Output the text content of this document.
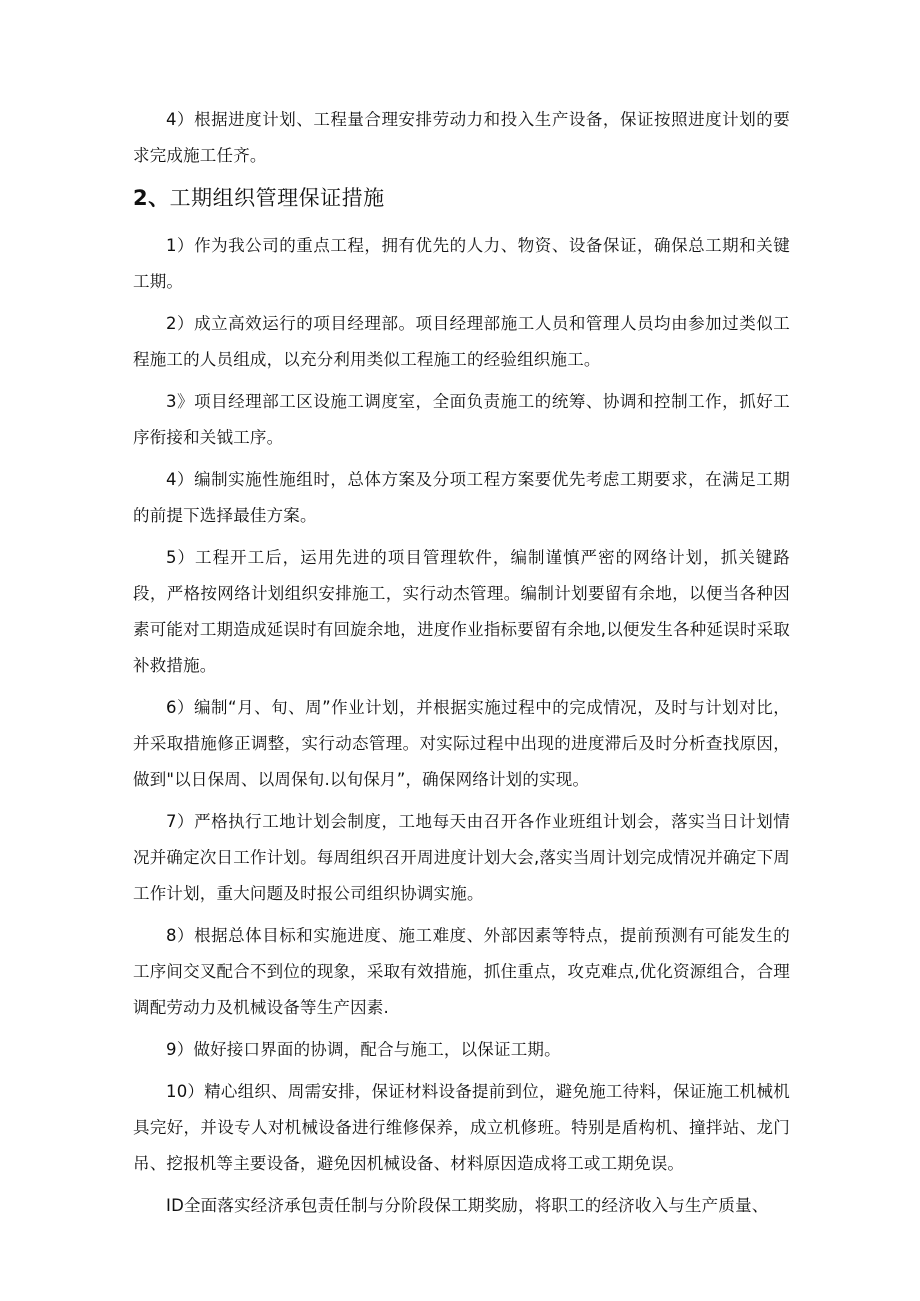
4）根据进度计划、工程量合理安排劳动力和投入生产设备，保证按照进度计划的要求完成施工任齐。

2、工期组织管理保证措施

1）作为我公司的重点工程，拥有优先的人力、物资、设备保证，确保总工期和关键工期。

2）成立高效运行的项目经理部。项目经理部施工人员和管理人员均由参加过类似工程施工的人员组成，以充分利用类似工程施工的经验组织施工。

3》项目经理部工区设施工调度室，全面负责施工的统筹、协调和控制工作，抓好工序衔接和关钺工序。

4）编制实施性施组时，总体方案及分项工程方案要优先考虑工期要求，在满足工期的前提下选择最佳方案。

5）工程开工后，运用先进的项目管理软件，编制谨慎严密的网络计划，抓关键路段，严格按网络计划组织安排施工，实行动杰管理。编制计划要留有余地，以便当各种因素可能对工期造成延误时有回旋余地，进度作业指标要留有余地,以便发生各种延误时采取补救措施。

6）编制“月、旬、周”作业计划，并根据实施过程中的完成情况，及时与计划对比，并采取措施修正调整，实行动态管理。对实际过程中出现的进度滞后及时分析查找原因，做到"以日保周、以周保旬.以旬保月”，确保网络计划的实现。

7）严格执行工地计划会制度，工地每天由召开各作业班组计划会，落实当日计划情况并确定次日工作计划。每周组织召开周进度计划大会,落实当周计划完成情况并确定下周工作计划，重大问题及时报公司组织协调实施。

8）根据总体目标和实施进度、施工难度、外部因素等特点，提前预测有可能发生的工序间交叉配合不到位的现象，采取有效措施，抓住重点，攻克难点,优化资源组合，合理调配劳动力及机械设备等生产因素.

9）做好接口界面的协调，配合与施工，以保证工期。

10）精心组织、周需安排，保证材料设备提前到位，避免施工待料，保证施工机械机具完好，并设专人对机械设备进行维修保养，成立机修班。特别是盾构机、撞拌站、龙门吊、挖报机等主要设备，避免因机械设备、材料原因造成将工或工期免误。

ID全面落实经济承包责任制与分阶段保工期奖励，将职工的经济收入与生产质量、
